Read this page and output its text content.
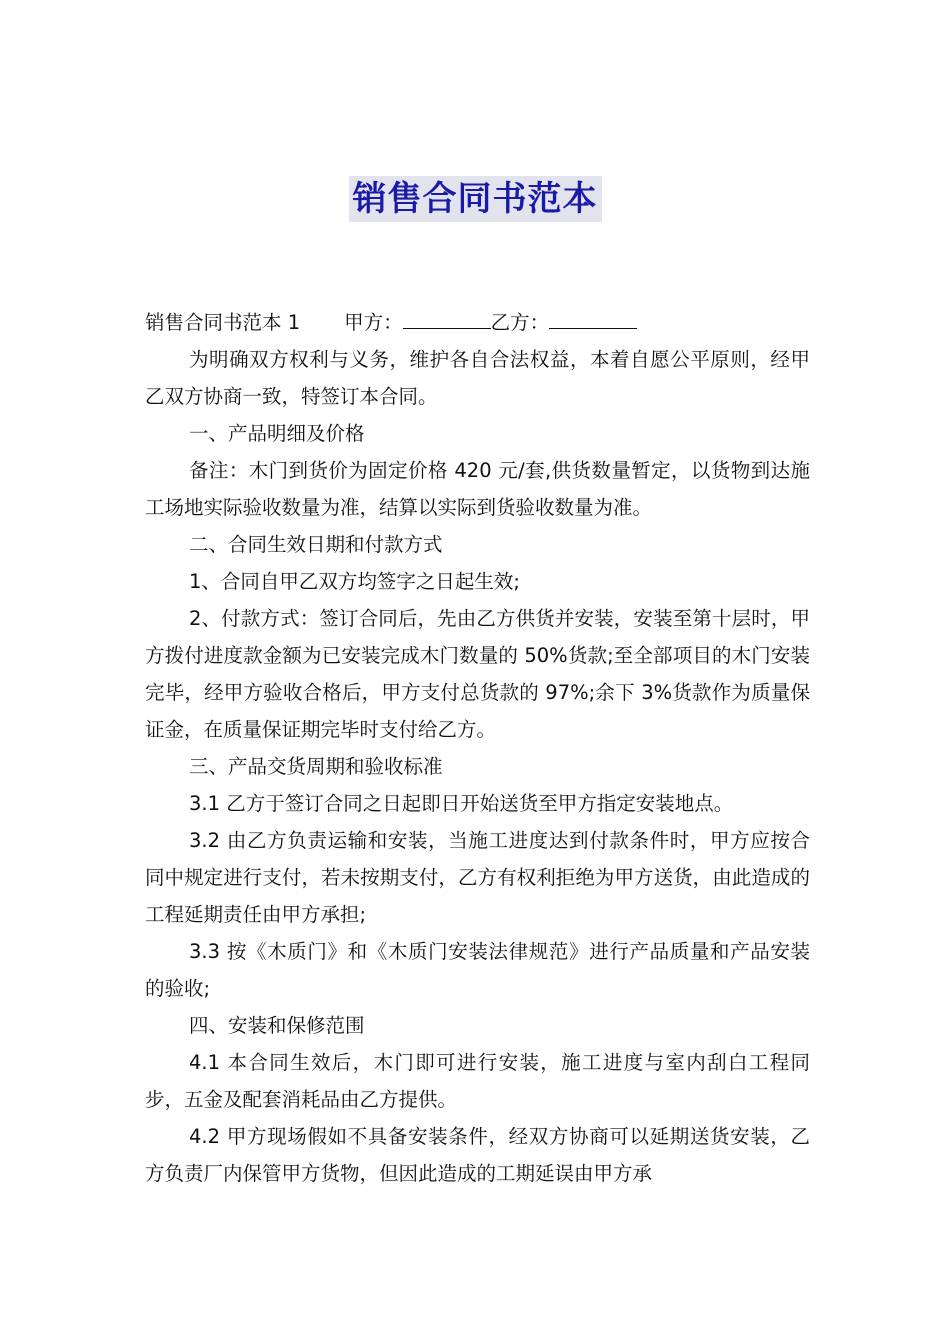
销售合同书范本

销售合同书范本 1 甲方：	乙方：

为明确双方权利与义务，维护各自合法权益，本着自愿公平原则，经甲乙双方协商一致，特签订本合同。

一、产品明细及价格

备注：木门到货价为固定价格 420 元/套,供货数量暂定，以货物到达施工场地实际验收数量为准，结算以实际到货验收数量为准。

二、合同生效日期和付款方式

1、合同自甲乙双方均签字之日起生效;

2、付款方式：签订合同后，先由乙方供货并安装，安装至第十层时，甲方拨付进度款金额为已安装完成木门数量的 50%货款;至全部项目的木门安装完毕，经甲方验收合格后，甲方支付总货款的 97%;余下 3%货款作为质量保证金，在质量保证期完毕时支付给乙方。

三、产品交货周期和验收标准

3.1 乙方于签订合同之日起即日开始送货至甲方指定安装地点。

3.2 由乙方负责运输和安装，当施工进度达到付款条件时，甲方应按合同中规定进行支付，若未按期支付，乙方有权利拒绝为甲方送货，由此造成的工程延期责任由甲方承担;

3.3 按《木质门》和《木质门安装法律规范》进行产品质量和产品安装的验收;

四、安装和保修范围

4.1 本合同生效后，木门即可进行安装，施工进度与室内刮白工程同步，五金及配套消耗品由乙方提供。

4.2 甲方现场假如不具备安装条件，经双方协商可以延期送货安装，乙方负责厂内保管甲方货物，但因此造成的工期延误由甲方承
